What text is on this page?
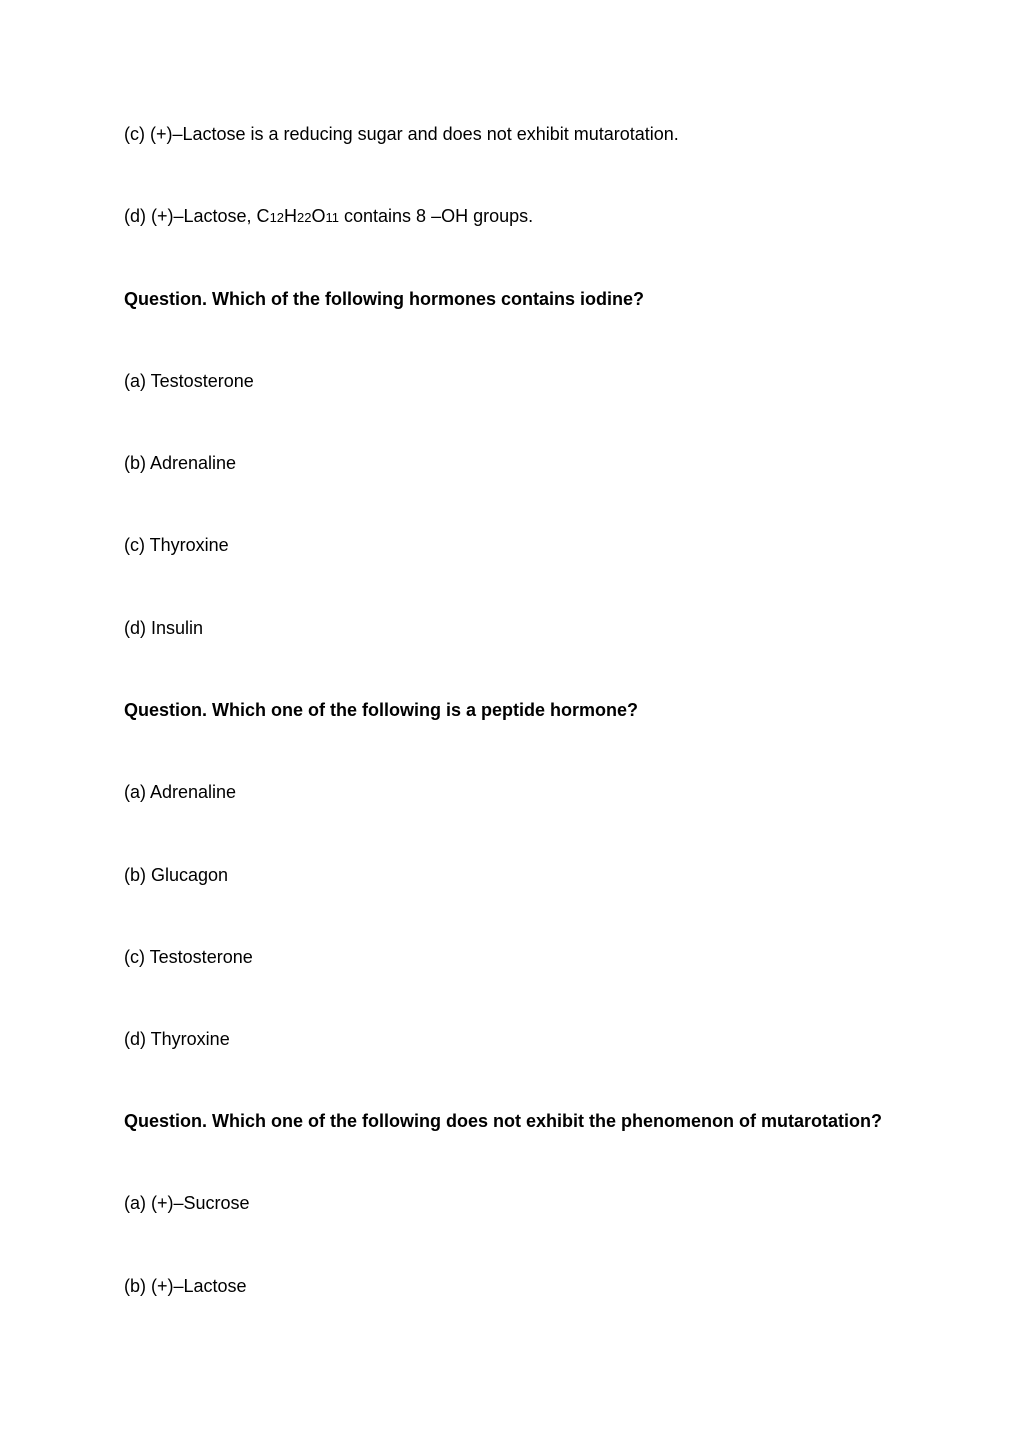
(c) (+)–Lactose is a reducing sugar and does not exhibit mutarotation.
(d) (+)–Lactose, C12H22O11 contains 8 –OH groups.
Question. Which of the following hormones contains iodine?
(a) Testosterone
(b) Adrenaline
(c) Thyroxine
(d) Insulin
Question. Which one of the following is a peptide hormone?
(a) Adrenaline
(b) Glucagon
(c) Testosterone
(d) Thyroxine
Question. Which one of the following does not exhibit the phenomenon of mutarotation?
(a) (+)–Sucrose
(b) (+)–Lactose
